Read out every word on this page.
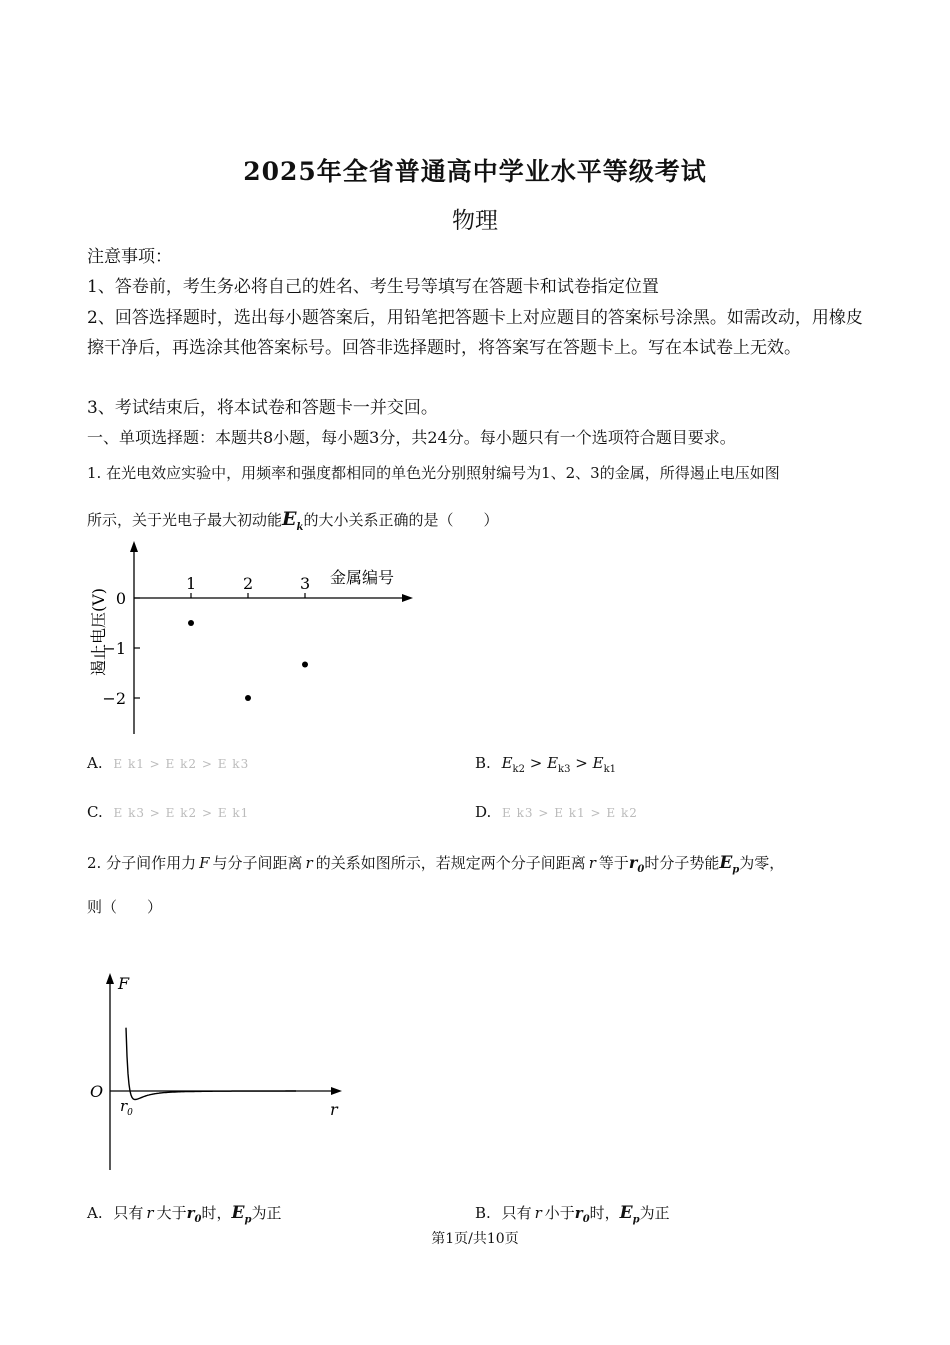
2025年全省普通高中学业水平等级考试
物理
注意事项：
1、答卷前，考生务必将自己的姓名、考生号等填写在答题卡和试卷指定位置
2、回答选择题时，选出每小题答案后，用铅笔把答题卡上对应题目的答案标号涂黑。如需改动，用橡皮擦干净后，再选涂其他答案标号。回答非选择题时，将答案写在答题卡上。写在本试卷上无效。
3、考试结束后，将本试卷和答题卡一并交回。
一、单项选择题：本题共8小题，每小题3分，共24分。每小题只有一个选项符合题目要求。
1. 在光电效应实验中，用频率和强度都相同的单色光分别照射编号为1、2、3的金属，所得遏止电压如图
所示，关于光电子最大初动能$E_k$的大小关系正确的是（　　）
1	2	3
0
−1
−2
金属编号
遏止电压(V)
A. E k1 > E k2 > E k3	B. $E_{k2} > E_{k3} > E_{k1}$
C. E k3 > E k2 > E k1	D. E k3 > E k1 > E k2
2. 分子间作用力 F 与分子间距离 r 的关系如图所示，若规定两个分子间距离 r 等于$r_0$时分子势能$E_p$为零，
则（　　）
F
r
O
$r_0$
A. 只有 r 大于$r_0$时，$E_p$为正	B. 只有 r 小于$r_0$时，$E_p$为正
第1页/共10页
